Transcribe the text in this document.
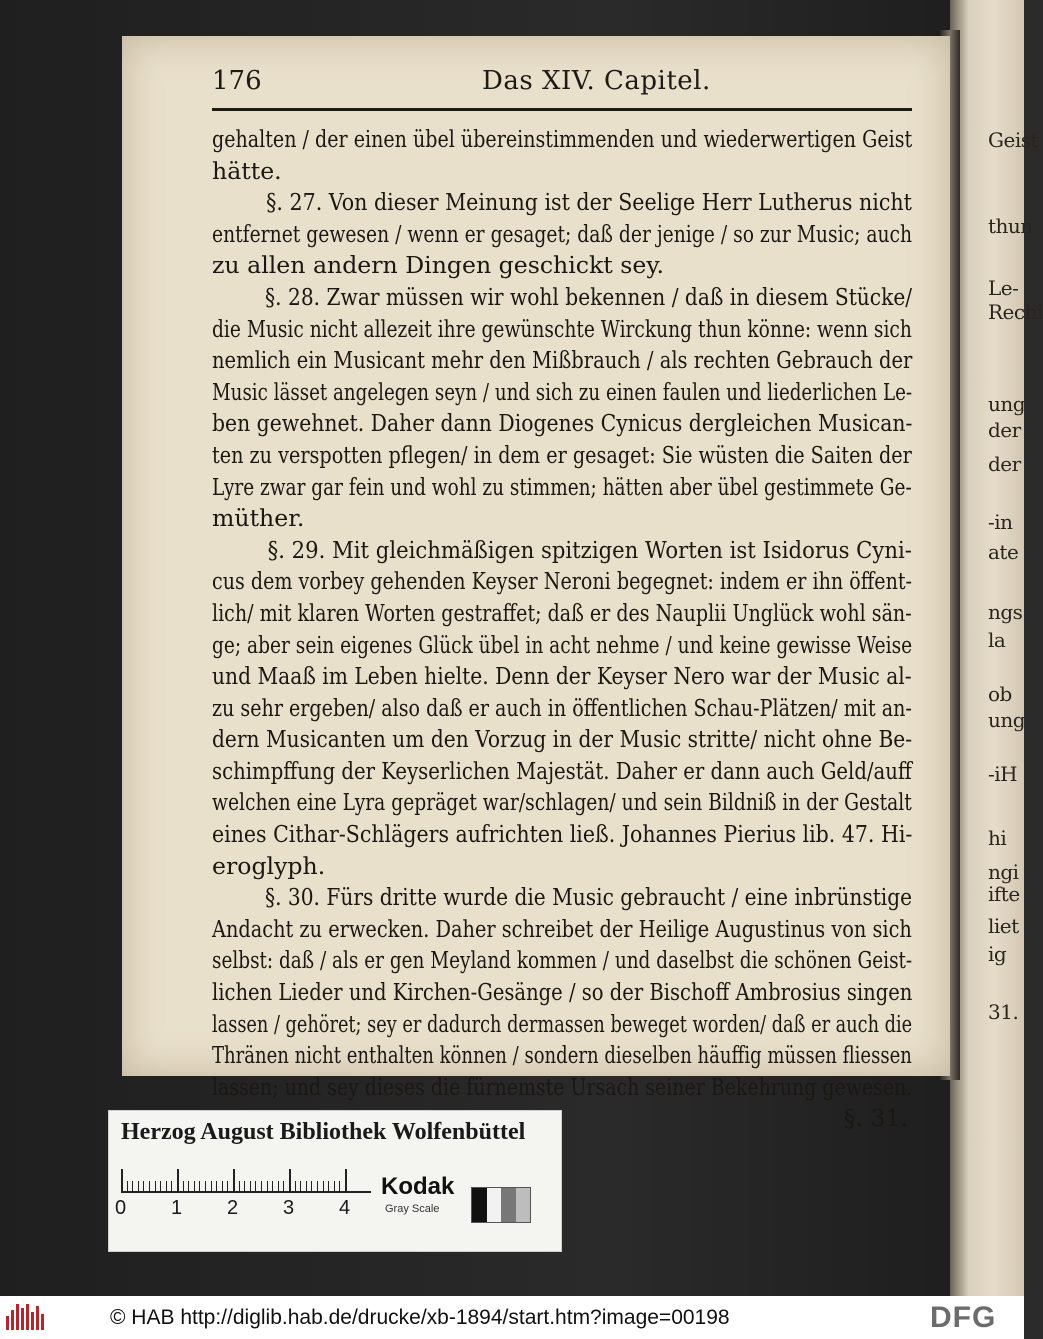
Geist
thun
Le-
Rechi
ung
der
der
-in
ate
ngs
la
ob
ung
-iH
hi
ngi
ifte
liet
ig
31.
176	Das XIV. Capitel.
gehalten / der einen übel übereinstimmenden und wiederwertigen Geist
hätte.
§. 27. Von dieser Meinung ist der Seelige Herr Lutherus nicht
entfernet gewesen / wenn er gesaget; daß der jenige / so zur Music; auch
zu allen andern Dingen geschickt sey.
§. 28. Zwar müssen wir wohl bekennen / daß in diesem Stücke/
die Music nicht allezeit ihre gewünschte Wirckung thun könne: wenn sich
nemlich ein Musicant mehr den Mißbrauch / als rechten Gebrauch der
Music lässet angelegen seyn / und sich zu einen faulen und liederlichen Le-
ben gewehnet. Daher dann Diogenes Cynicus dergleichen Musican-
ten zu verspotten pflegen/ in dem er gesaget: Sie wüsten die Saiten der
Lyre zwar gar fein und wohl zu stimmen; hätten aber übel gestimmete Ge-
müther.
§. 29. Mit gleichmäßigen spitzigen Worten ist Isidorus Cyni-
cus dem vorbey gehenden Keyser Neroni begegnet: indem er ihn öffent-
lich/ mit klaren Worten gestraffet; daß er des Nauplii Unglück wohl sän-
ge; aber sein eigenes Glück übel in acht nehme / und keine gewisse Weise
und Maaß im Leben hielte. Denn der Keyser Nero war der Music al-
zu sehr ergeben/ also daß er auch in öffentlichen Schau-Plätzen/ mit an-
dern Musicanten um den Vorzug in der Music stritte/ nicht ohne Be-
schimpffung der Keyserlichen Majestät. Daher er dann auch Geld/auff
welchen eine Lyra gepräget war/schlagen/ und sein Bildniß in der Gestalt
eines Cithar-Schlägers aufrichten ließ. Johannes Pierius lib. 47. Hi-
eroglyph.
§. 30. Fürs dritte wurde die Music gebraucht / eine inbrünstige
Andacht zu erwecken. Daher schreibet der Heilige Augustinus von sich
selbst: daß / als er gen Meyland kommen / und daselbst die schönen Geist-
lichen Lieder und Kirchen-Gesänge / so der Bischoff Ambrosius singen
lassen / gehöret; sey er dadurch dermassen beweget worden/ daß er auch die
Thränen nicht enthalten können / sondern dieselben häuffig müssen fliessen
lassen; und sey dieses die fürnemste Ursach seiner Bekehrung gewesen.
§. 31.
Herzog August Bibliothek Wolfenbüttel
0 1 2 3 4
Kodak
Gray Scale
© HAB http://diglib.hab.de/drucke/xb-1894/start.htm?image=00198	DFG
